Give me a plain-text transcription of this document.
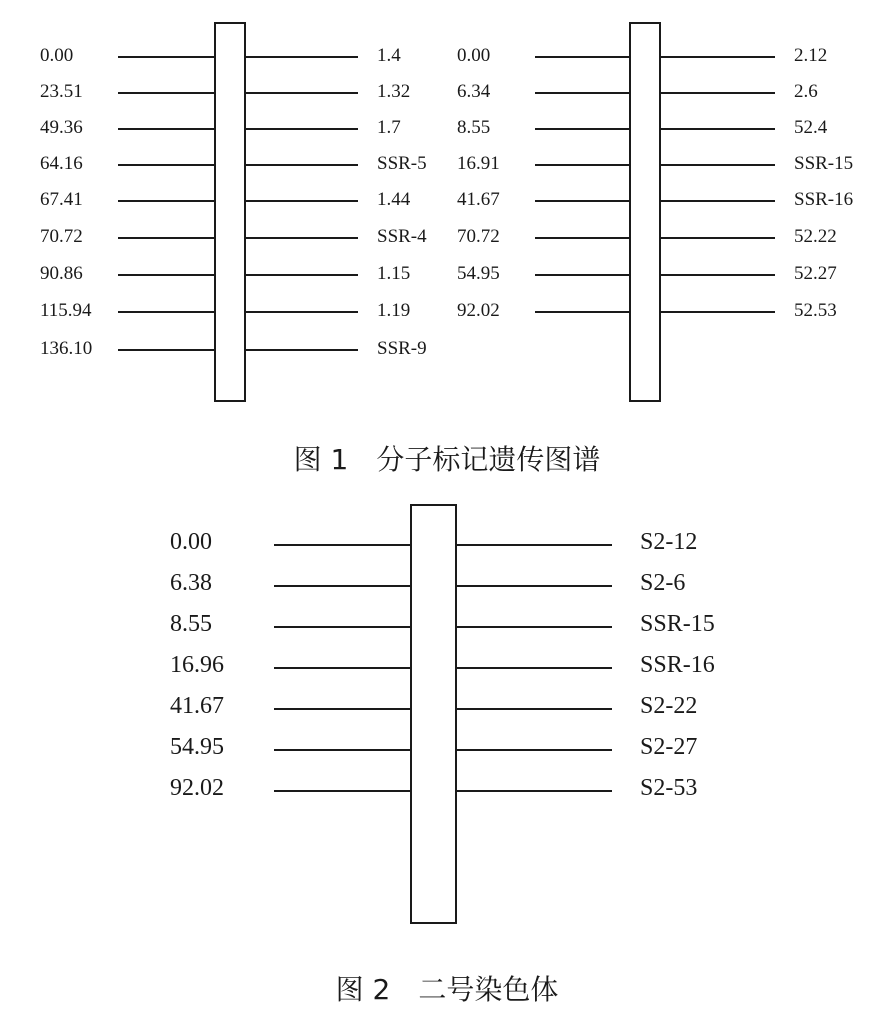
0.00
23.51
49.36
64.16
67.41
70.72
90.86
115.94
136.10
1.4
1.32
1.7
SSR-5
1.44
SSR-4
1.15
1.19
SSR-9
0.00
6.34
8.55
16.91
41.67
70.72
54.95
92.02
2.12
2.6
52.4
SSR-15
SSR-16
52.22
52.27
52.53
图 1　分子标记遗传图谱
0.00
6.38
8.55
16.96
41.67
54.95
92.02
S2-12
S2-6
SSR-15
SSR-16
S2-22
S2-27
S2-53
图 2　二号染色体
